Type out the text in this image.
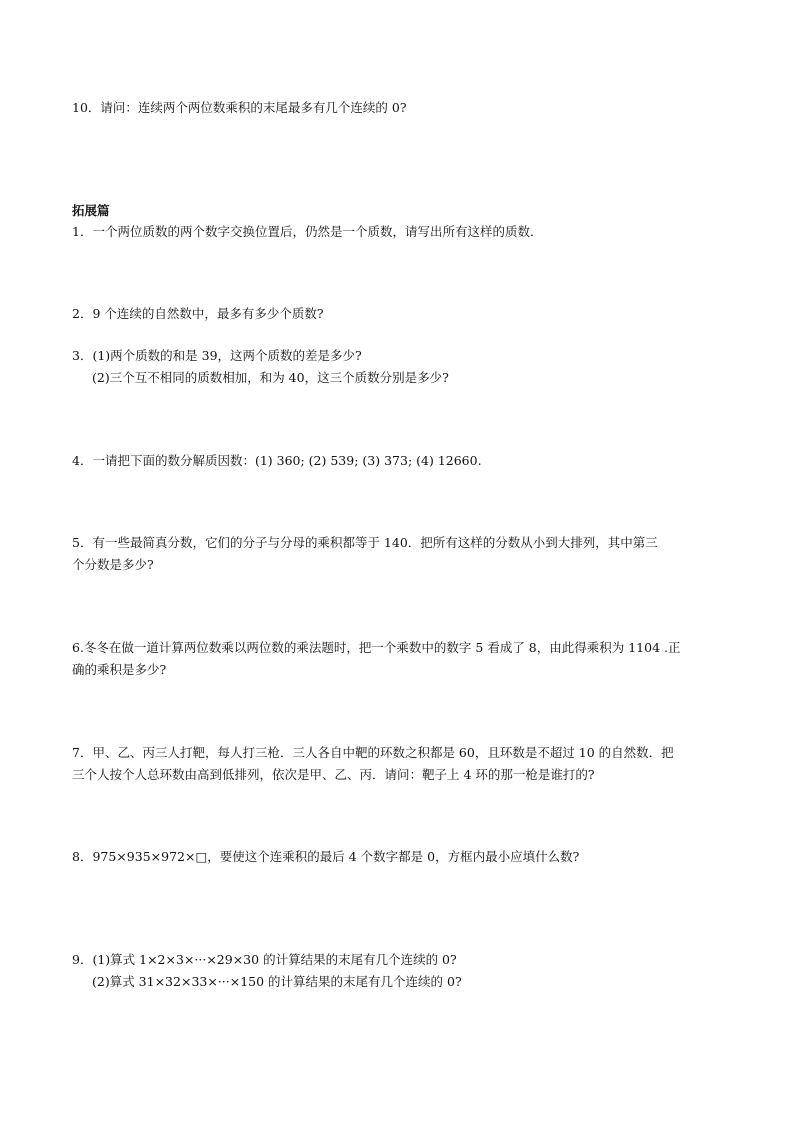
10．请问：连续两个两位数乘积的末尾最多有几个连续的 0?
拓展篇
1．一个两位质数的两个数字交换位置后，仍然是一个质数，请写出所有这样的质数．
2．9 个连续的自然数中，最多有多少个质数?
3．(1)两个质数的和是 39，这两个质数的差是多少?
(2)三个互不相同的质数相加，和为 40，这三个质数分别是多少?
4．一请把下面的数分解质因数：(1) 360; (2) 539; (3) 373; (4) 12660.
5．有一些最简真分数，它们的分子与分母的乘积都等于 140．把所有这样的分数从小到大排列，其中第三
个分数是多少?
6.冬冬在做一道计算两位数乘以两位数的乘法题时，把一个乘数中的数字 5 看成了 8，由此得乘积为 1104 .正
确的乘积是多少?
7．甲、乙、丙三人打靶，每人打三枪．三人各自中靶的环数之积都是 60，且环数是不超过 10 的自然数．把
三个人按个人总环数由高到低排列，依次是甲、乙、丙．请问：靶子上 4 环的那一枪是谁打的?
8．975×935×972×□，要使这个连乘积的最后 4 个数字都是 0，方框内最小应填什么数?
9．(1)算式 1×2×3×···×29×30 的计算结果的末尾有几个连续的 0?
(2)算式 31×32×33×···×150 的计算结果的末尾有几个连续的 0?
